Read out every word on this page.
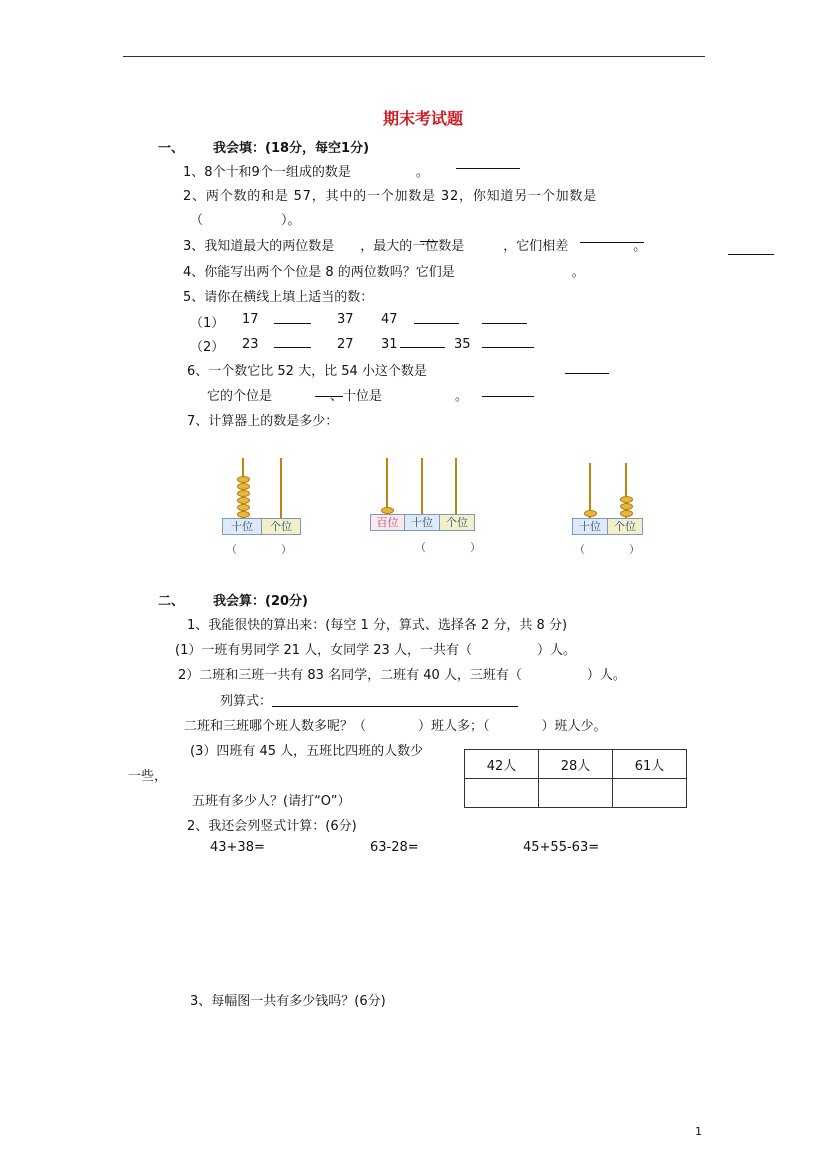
期末考试题
一、 我会填：(18分，每空1分)
1、8个十和9个一组成的数是　　　　　。
2、两个数的和是 57，其中的一个加数是 32，你知道另一个加数是
（　　　　　　）。
3、我知道最大的两位数是　　，最大的一位数是　　　，它们相差　　　　　。
4、你能写出两个个位是 8 的两位数吗？它们是　　　　　　　　　。
5、请你在横线上填上适当的数：
（1） 17	37 47
（2） 23	27 31	35
6、一个数它比 52 大，比 54 小这个数是
它的个位是	、十位是	。
7、计算器上的数是多少：
十位	个位
（　　　　）
百位	十位	个位
（　　　　）
十位	个位
（　　　　）
二、 我会算：(20分)
1、我能很快的算出来：(每空 1 分，算式、选择各 2 分，共 8 分)
(1）一班有男同学 21 人，女同学 23 人，一共有（　　　　　）人。
2）二班和三班一共有 83 名同学，二班有 40 人，三班有（　　　　　）人。
列算式：
二班和三班哪个班人数多呢？（　　　　）班人多；（　　　　）班人少。
(3）四班有 45 人，五班比四班的人数少
一些，
五班有多少人？(请打“O”）
42人	28人	61人

2、我还会列竖式计算：(6分)
43+38=	63-28=	45+55-63=
3、每幅图一共有多少钱吗？(6分)
1
